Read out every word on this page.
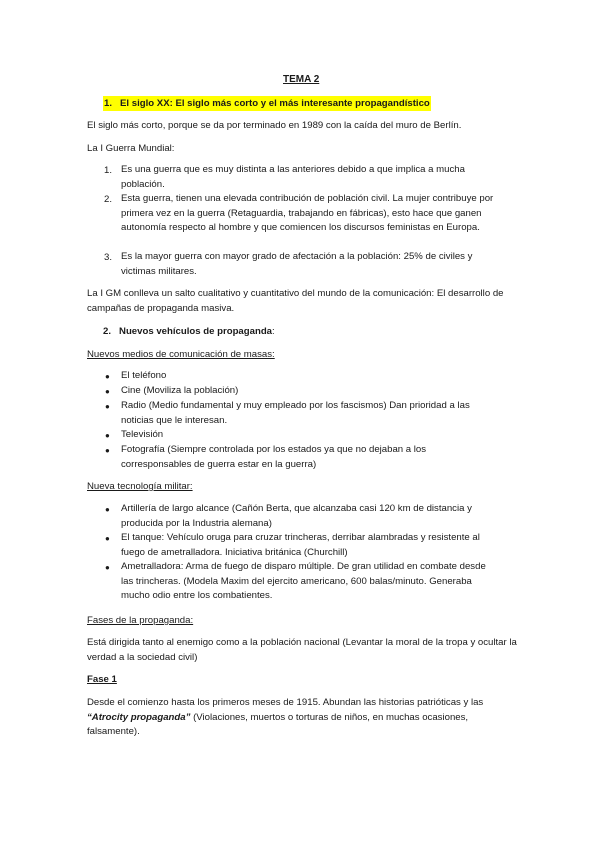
TEMA 2
1. El siglo XX: El siglo más corto y el más interesante propagandístico
El siglo más corto, porque se da por terminado en 1989 con la caída del muro de Berlín.
La I Guerra Mundial:
1. Es una guerra que es muy distinta a las anteriores debido a que implica a mucha población.
2. Esta guerra, tienen una elevada contribución de población civil. La mujer contribuye por primera vez en la guerra (Retaguardia, trabajando en fábricas), esto hace que ganen autonomía respecto al hombre y que comiencen los discursos feministas en Europa.
3. Es la mayor guerra con mayor grado de afectación a la población: 25% de civiles y victimas militares.
La I GM conlleva un salto cualitativo y cuantitativo del mundo de la comunicación: El desarrollo de campañas de propaganda masiva.
2. Nuevos vehículos de propaganda:
Nuevos medios de comunicación de masas:
● El teléfono
● Cine (Moviliza la población)
● Radio (Medio fundamental y muy empleado por los fascismos) Dan prioridad a las noticias que le interesan.
● Televisión
● Fotografía (Siempre controlada por los estados ya que no dejaban a los corresponsables de guerra estar en la guerra)
Nueva tecnología militar:
● Artillería de largo alcance (Cañón Berta, que alcanzaba casi 120 km de distancia y producida por la Industria alemana)
● El tanque: Vehículo oruga para cruzar trincheras, derribar alambradas y resistente al fuego de ametralladora. Iniciativa británica (Churchill)
● Ametralladora: Arma de fuego de disparo múltiple. De gran utilidad en combate desde las trincheras. (Modela Maxim del ejercito americano, 600 balas/minuto. Generaba mucho odio entre los combatientes.
Fases de la propaganda:
Está dirigida tanto al enemigo como a la población nacional (Levantar la moral de la tropa y ocultar la verdad a la sociedad civil)
Fase 1
Desde el comienzo hasta los primeros meses de 1915. Abundan las historias patrióticas y las “Atrocity propaganda” (Violaciones, muertos o torturas de niños, en muchas ocasiones, falsamente).
